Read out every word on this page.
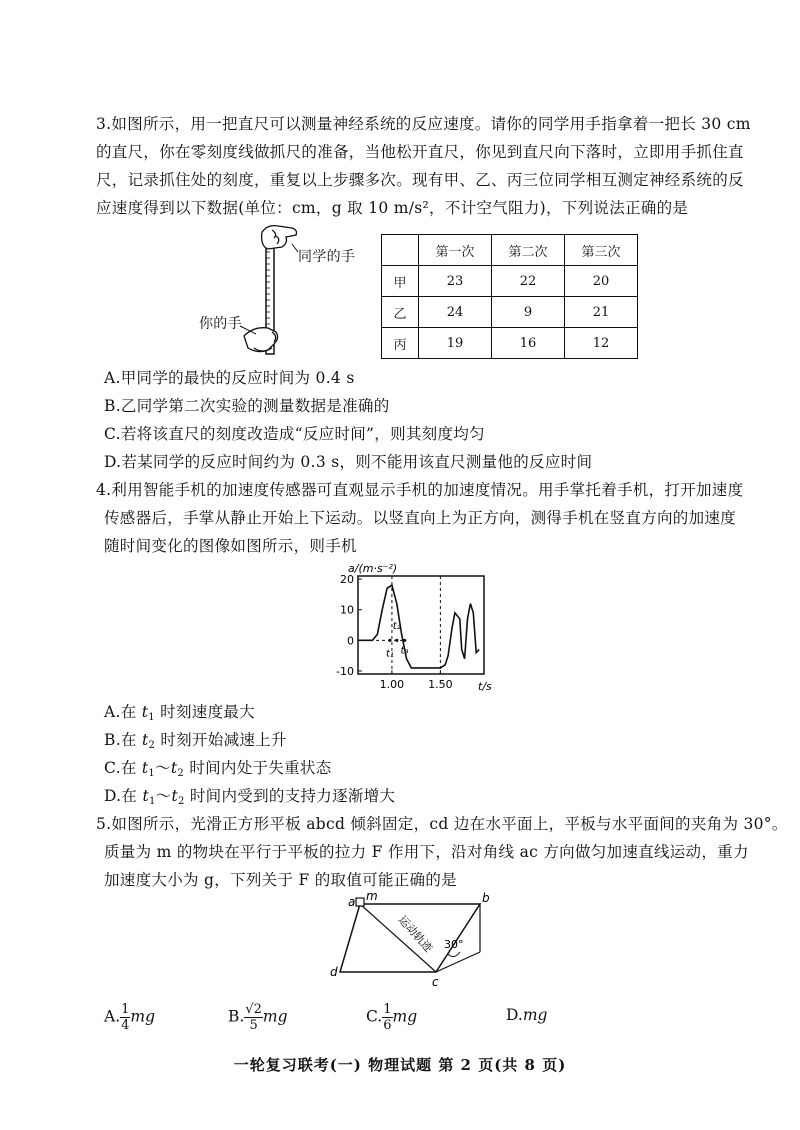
3.如图所示，用一把直尺可以测量神经系统的反应速度。请你的同学用手指拿着一把长 30 cm
的直尺，你在零刻度线做抓尺的准备，当他松开直尺，你见到直尺向下落时，立即用手抓住直
尺，记录抓住处的刻度，重复以上步骤多次。现有甲、乙、丙三位同学相互测定神经系统的反
应速度得到以下数据(单位：cm，g 取 10 m/s²，不计空气阻力)，下列说法正确的是
同学的手
你的手
	第一次	第二次	第三次
甲	23	22	20
乙	24	9	21
丙	19	16	12
A.甲同学的最快的反应时间为 0.4 s
B.乙同学第二次实验的测量数据是准确的
C.若将该直尺的刻度改造成“反应时间”，则其刻度均匀
D.若某同学的反应时间约为 0.3 s，则不能用该直尺测量他的反应时间
4.利用智能手机的加速度传感器可直观显示手机的加速度情况。用手掌托着手机，打开加速度
传感器后，手掌从静止开始上下运动。以竖直向上为正方向，测得手机在竖直方向的加速度
随时间变化的图像如图所示，则手机
a/(m·s⁻²)
t/s
20
10
0
-10
1.00 1.50
t₁
t₂
t₃
A.在 $t_1$ 时刻速度最大
B.在 $t_2$ 时刻开始减速上升
C.在 $t_1\sim t_2$ 时间内处于失重状态
D.在 $t_1\sim t_2$ 时间内受到的支持力逐渐增大
5.如图所示，光滑正方形平板 abcd 倾斜固定，cd 边在水平面上，平板与水平面间的夹角为 30°。
质量为 m 的物块在平行于平板的拉力 F 作用下，沿对角线 ac 方向做匀加速直线运动，重力
加速度大小为 g，下列关于 F 的取值可能正确的是
a	b
c
d
m
30°
运动轨迹
A. $\frac{1}{4}$ mg	B. $\frac{√2}{5}$ mg	C. $\frac{1}{6}$ mg	D.mg
一轮复习联考(一) 物理试题 第 2 页(共 8 页)
